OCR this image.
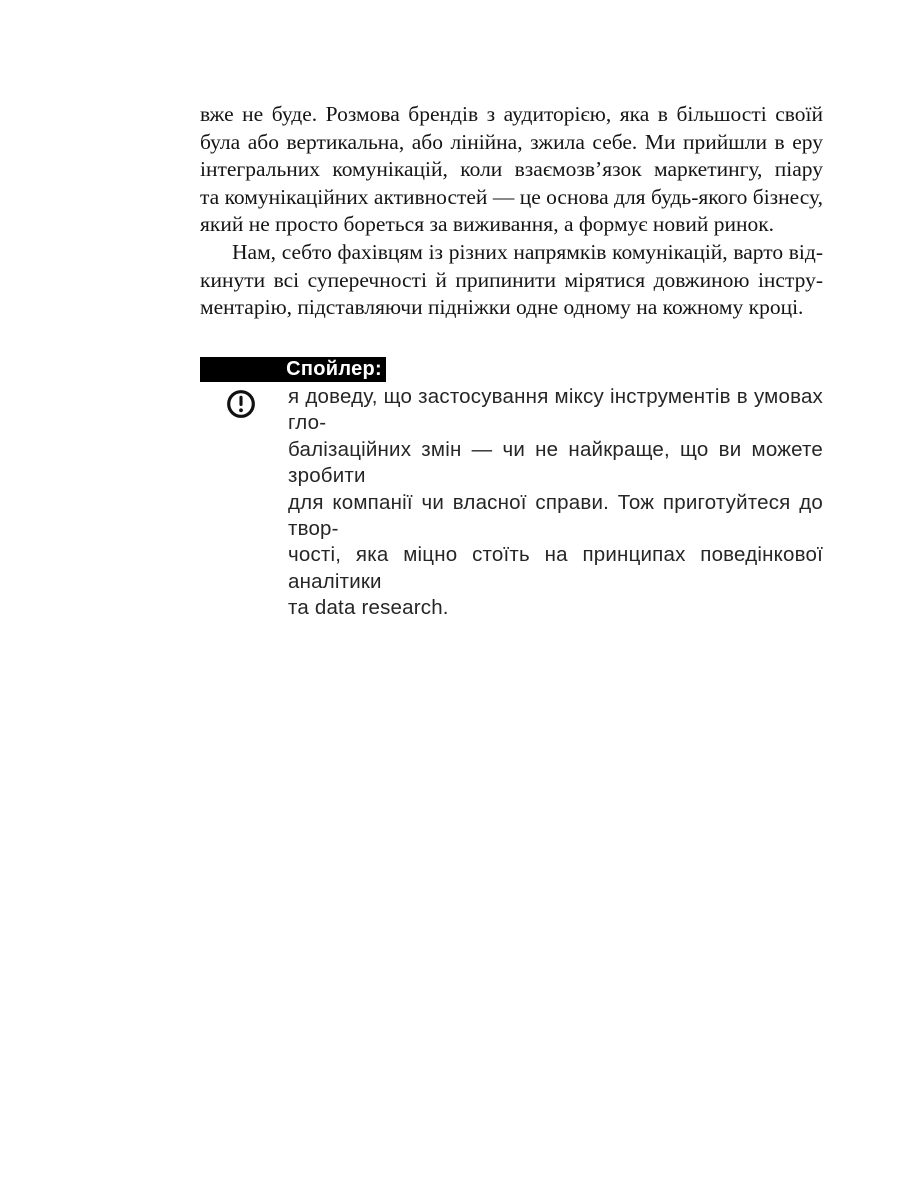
вже не буде. Розмова брендів з аудиторією, яка в більшості своїй
була або вертикальна, або лінійна, зжила себе. Ми прийшли в еру
інтегральних комунікацій, коли взаємозв’язок маркетингу, піару
та комунікаційних активностей — це основа для будь-якого бізнесу,
який не просто бореться за виживання, а формує новий ринок.
Нам, себто фахівцям із різних напрямків комунікацій, варто від-
кинути всі суперечності й припинити мірятися довжиною інстру-
ментарію, підставляючи підніжки одне одному на кожному кроці.
Спойлер:
я доведу, що застосування міксу інструментів в умовах гло-
балізаційних змін — чи не найкраще, що ви можете зробити
для компанії чи власної справи. Тож приготуйтеся до твор-
чості, яка міцно стоїть на принципах поведінкової аналітики
та data research.
